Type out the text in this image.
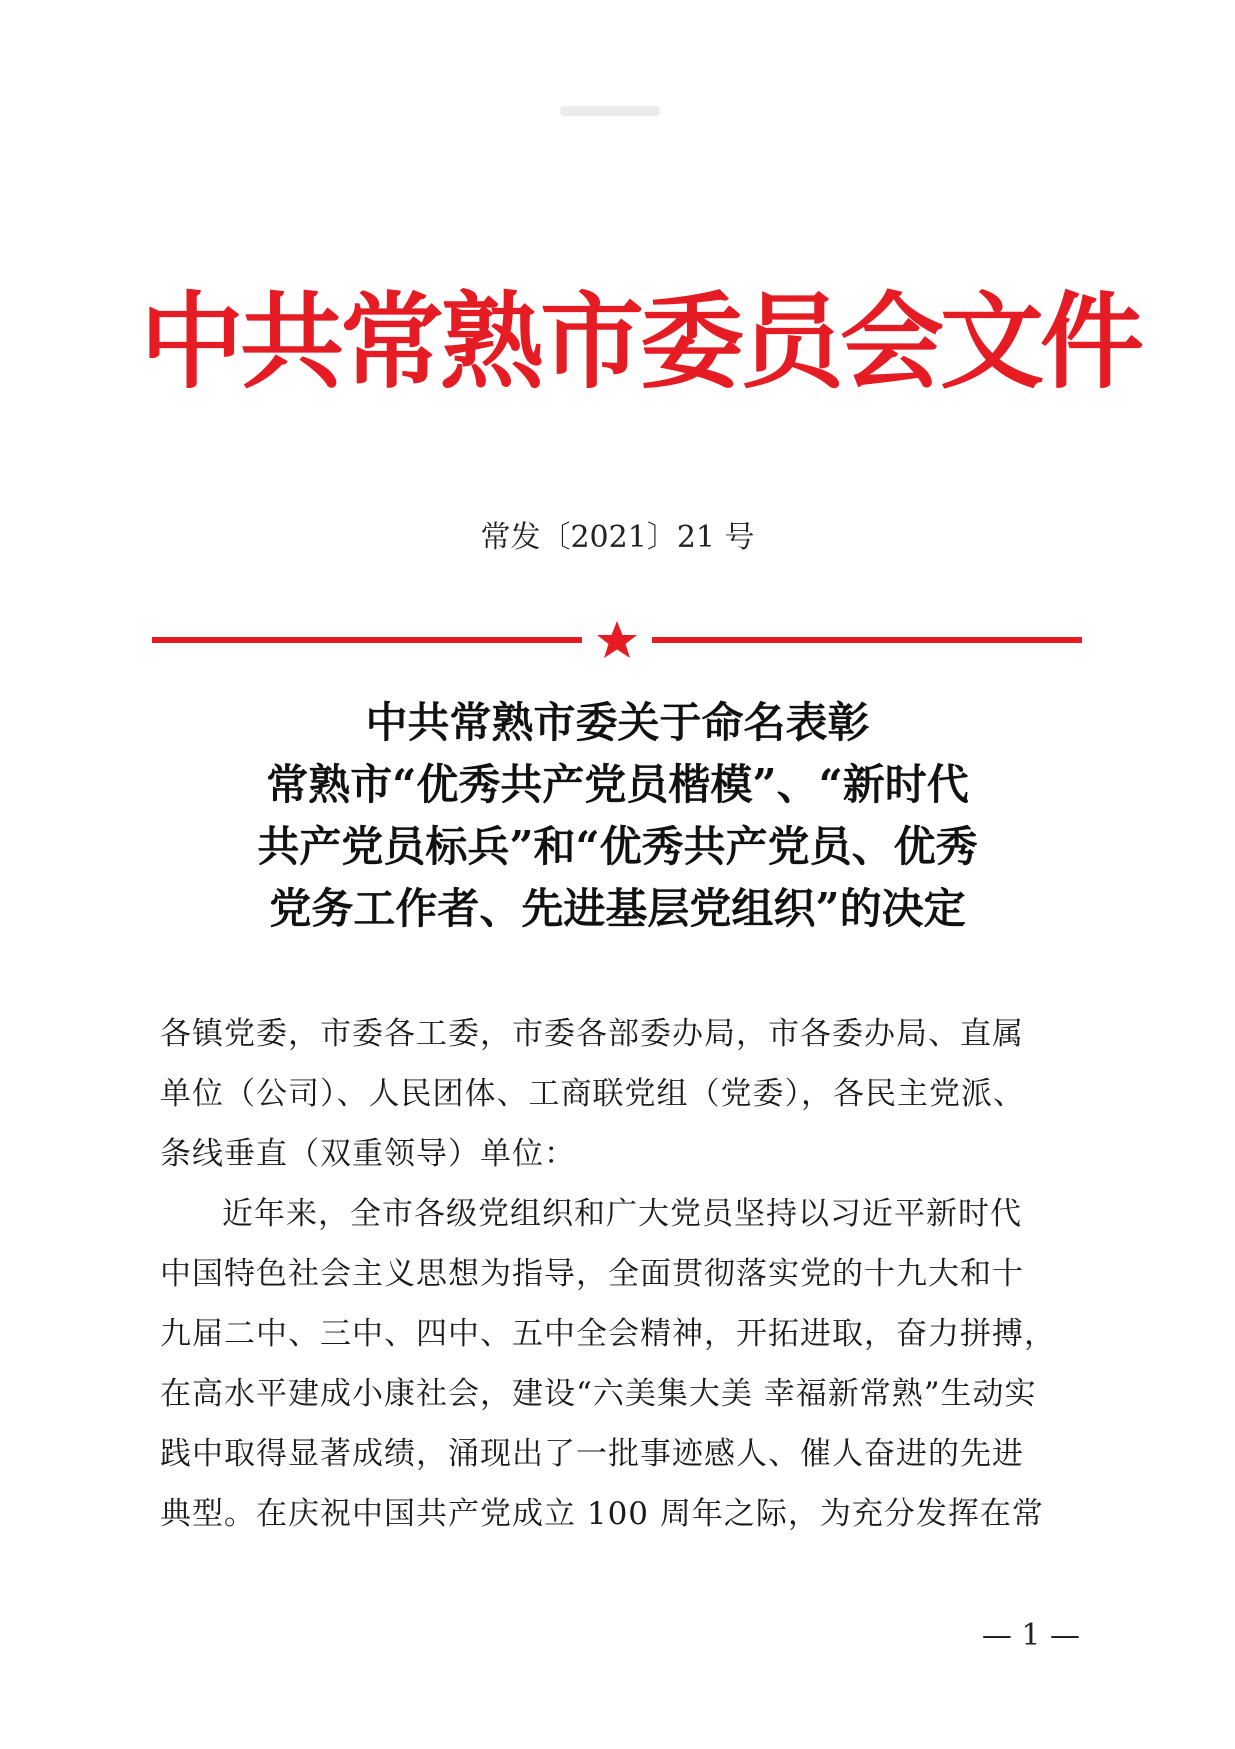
中共常熟市委员会文件
常发〔2021〕21 号
中共常熟市委关于命名表彰
常熟市“优秀共产党员楷模”、“新时代
共产党员标兵”和“优秀共产党员、优秀
党务工作者、先进基层党组织”的决定
各镇党委，市委各工委，市委各部委办局，市各委办局、直属
单位（公司）、人民团体、工商联党组（党委），各民主党派、
条线垂直（双重领导）单位：
近年来，全市各级党组织和广大党员坚持以习近平新时代
中国特色社会主义思想为指导，全面贯彻落实党的十九大和十
九届二中、三中、四中、五中全会精神，开拓进取，奋力拼搏，
在高水平建成小康社会，建设“六美集大美 幸福新常熟”生动实
践中取得显著成绩，涌现出了一批事迹感人、催人奋进的先进
典型。在庆祝中国共产党成立 100 周年之际，为充分发挥在常
— 1 —
